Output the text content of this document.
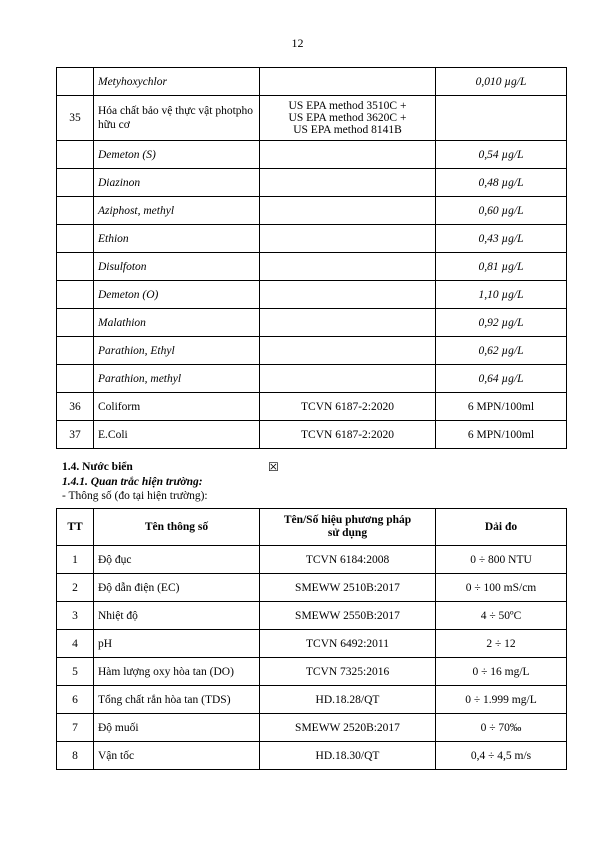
12
	Metyhoxychlor		0,010 µg/L
35	Hóa chất bảo vệ thực vật photpho hữu cơ	US EPA method 3510C +
US EPA method 3620C +
US EPA method 8141B	
	Demeton (S)		0,54 µg/L
	Diazinon		0,48 µg/L
	Aziphost, methyl		0,60 µg/L
	Ethion		0,43 µg/L
	Disulfoton		0,81 µg/L
	Demeton (O)		1,10 µg/L
	Malathion		0,92 µg/L
	Parathion, Ethyl		0,62 µg/L
	Parathion, methyl		0,64 µg/L
36	Coliform	TCVN 6187-2:2020	6 MPN/100ml
37	E.Coli	TCVN 6187-2:2020	6 MPN/100ml
1.4. Nước biển	☒
1.4.1. Quan trắc hiện trường:
- Thông số (đo tại hiện trường):
TT	Tên thông số	Tên/Số hiệu phương pháp
sử dụng	Dải đo
1	Độ đục	TCVN 6184:2008	0 ÷ 800 NTU
2	Độ dẫn điện (EC)	SMEWW 2510B:2017	0 ÷ 100 mS/cm
3	Nhiệt độ	SMEWW 2550B:2017	4 ÷ 50ºC
4	pH	TCVN 6492:2011	2 ÷ 12
5	Hàm lượng oxy hòa tan (DO)	TCVN 7325:2016	0 ÷ 16 mg/L
6	Tổng chất rắn hòa tan (TDS)	HD.18.28/QT	0 ÷ 1.999 mg/L
7	Độ muối	SMEWW 2520B:2017	0 ÷ 70‰
8	Vận tốc	HD.18.30/QT	0,4 ÷ 4,5 m/s
